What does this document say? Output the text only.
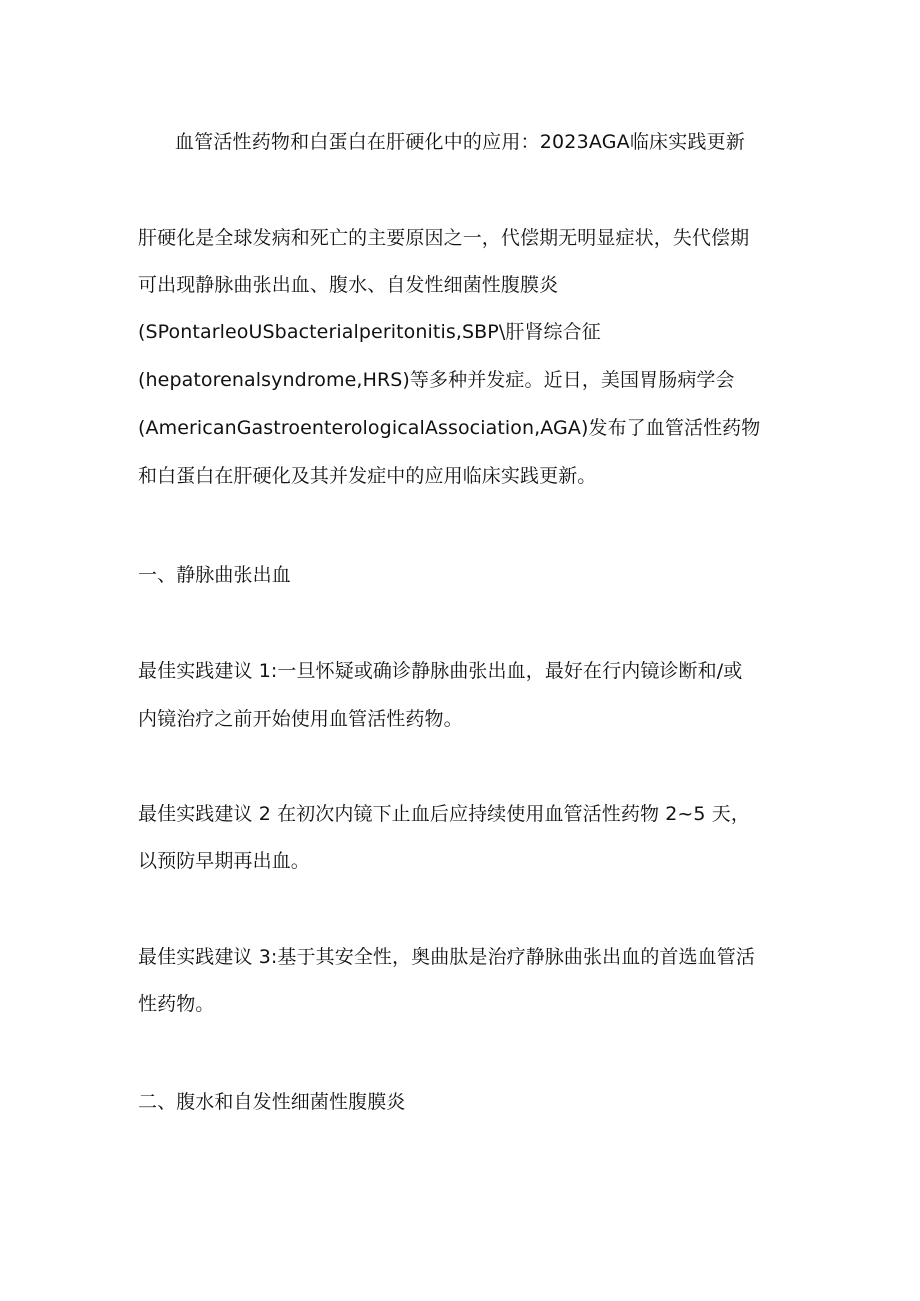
血管活性药物和白蛋白在肝硬化中的应用：2023AGA临床实践更新
肝硬化是全球发病和死亡的主要原因之一，代偿期无明显症状，失代偿期
可出现静脉曲张出血、腹水、自发性细菌性腹膜炎
(SPontarleoUSbacterialperitonitis,SBP\肝肾综合征
(hepatorenalsyndrome,HRS)等多种并发症。近日，美国胃肠病学会
(AmericanGastroenterologicalAssociation,AGA)发布了血管活性药物
和白蛋白在肝硬化及其并发症中的应用临床实践更新。
一、静脉曲张出血
最佳实践建议 1:一旦怀疑或确诊静脉曲张出血，最好在行内镜诊断和/或
内镜治疗之前开始使用血管活性药物。
最佳实践建议 2 在初次内镜下止血后应持续使用血管活性药物 2~5 天，
以预防早期再出血。
最佳实践建议 3:基于其安全性，奥曲肽是治疗静脉曲张出血的首选血管活
性药物。
二、腹水和自发性细菌性腹膜炎
